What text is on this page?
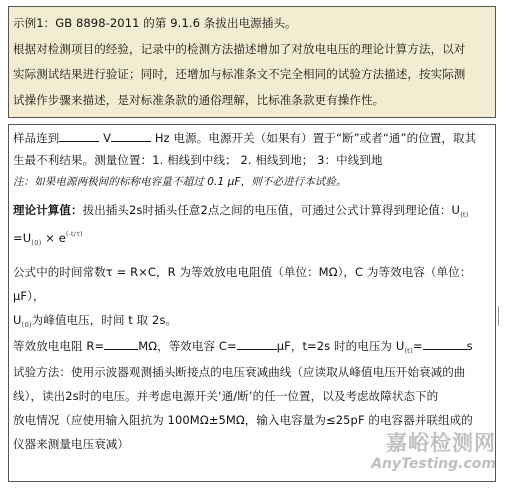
示例1：GB 8898-2011 的第 9.1.6 条拔出电源插头。
根据对检测项目的经验，记录中的检测方法描述增加了对放电电压的理论计算方法，以对
实际测试结果进行验证；同时，还增加与标准条文不完全相同的试验方法描述，按实际测
试操作步骤来描述，是对标准条款的通俗理解，比标准条款更有操作性。
样品连到	V	Hz 电源。电源开关（如果有）置于“断”或者“通”的位置，取其
生最不利结果。测量位置：1. 相线到中线； 2. 相线到地； 3：中线到地
注：如果电源两极间的标称电容量不超过 0.1 μF，则不必进行本试验。
理论计算值：拔出插头2s时插头任意2点之间的电压值，可通过公式计算得到理论值：$U_{(t)}$
$=U_{(0)} \times e^{(-t/\tau)}$
公式中的时间常数τ = R×C，R 为等效放电电阻值（单位：MΩ），C 为等效电容（单位：
μF），
$U_{(0)}$为峰值电压，时间 t 取 2s。
等效放电电阻 R=	MΩ，等效电容 C=	μF，t=2s 时的电压为 $U_{(t)}=$	s
试验方法：使用示波器观测插头断接点的电压衰减曲线（应读取从峰值电压开始衰减的曲
线），读出2s时的电压。并考虑电源开关‘通/断’的任一位置，以及考虑故障状态下的
放电情况（应使用输入阻抗为 100MΩ±5MΩ，输入电容量为≤25pF 的电容器并联组成的
仪器来测量电压衰减）	嘉峪检测网
AnyTesting.com
